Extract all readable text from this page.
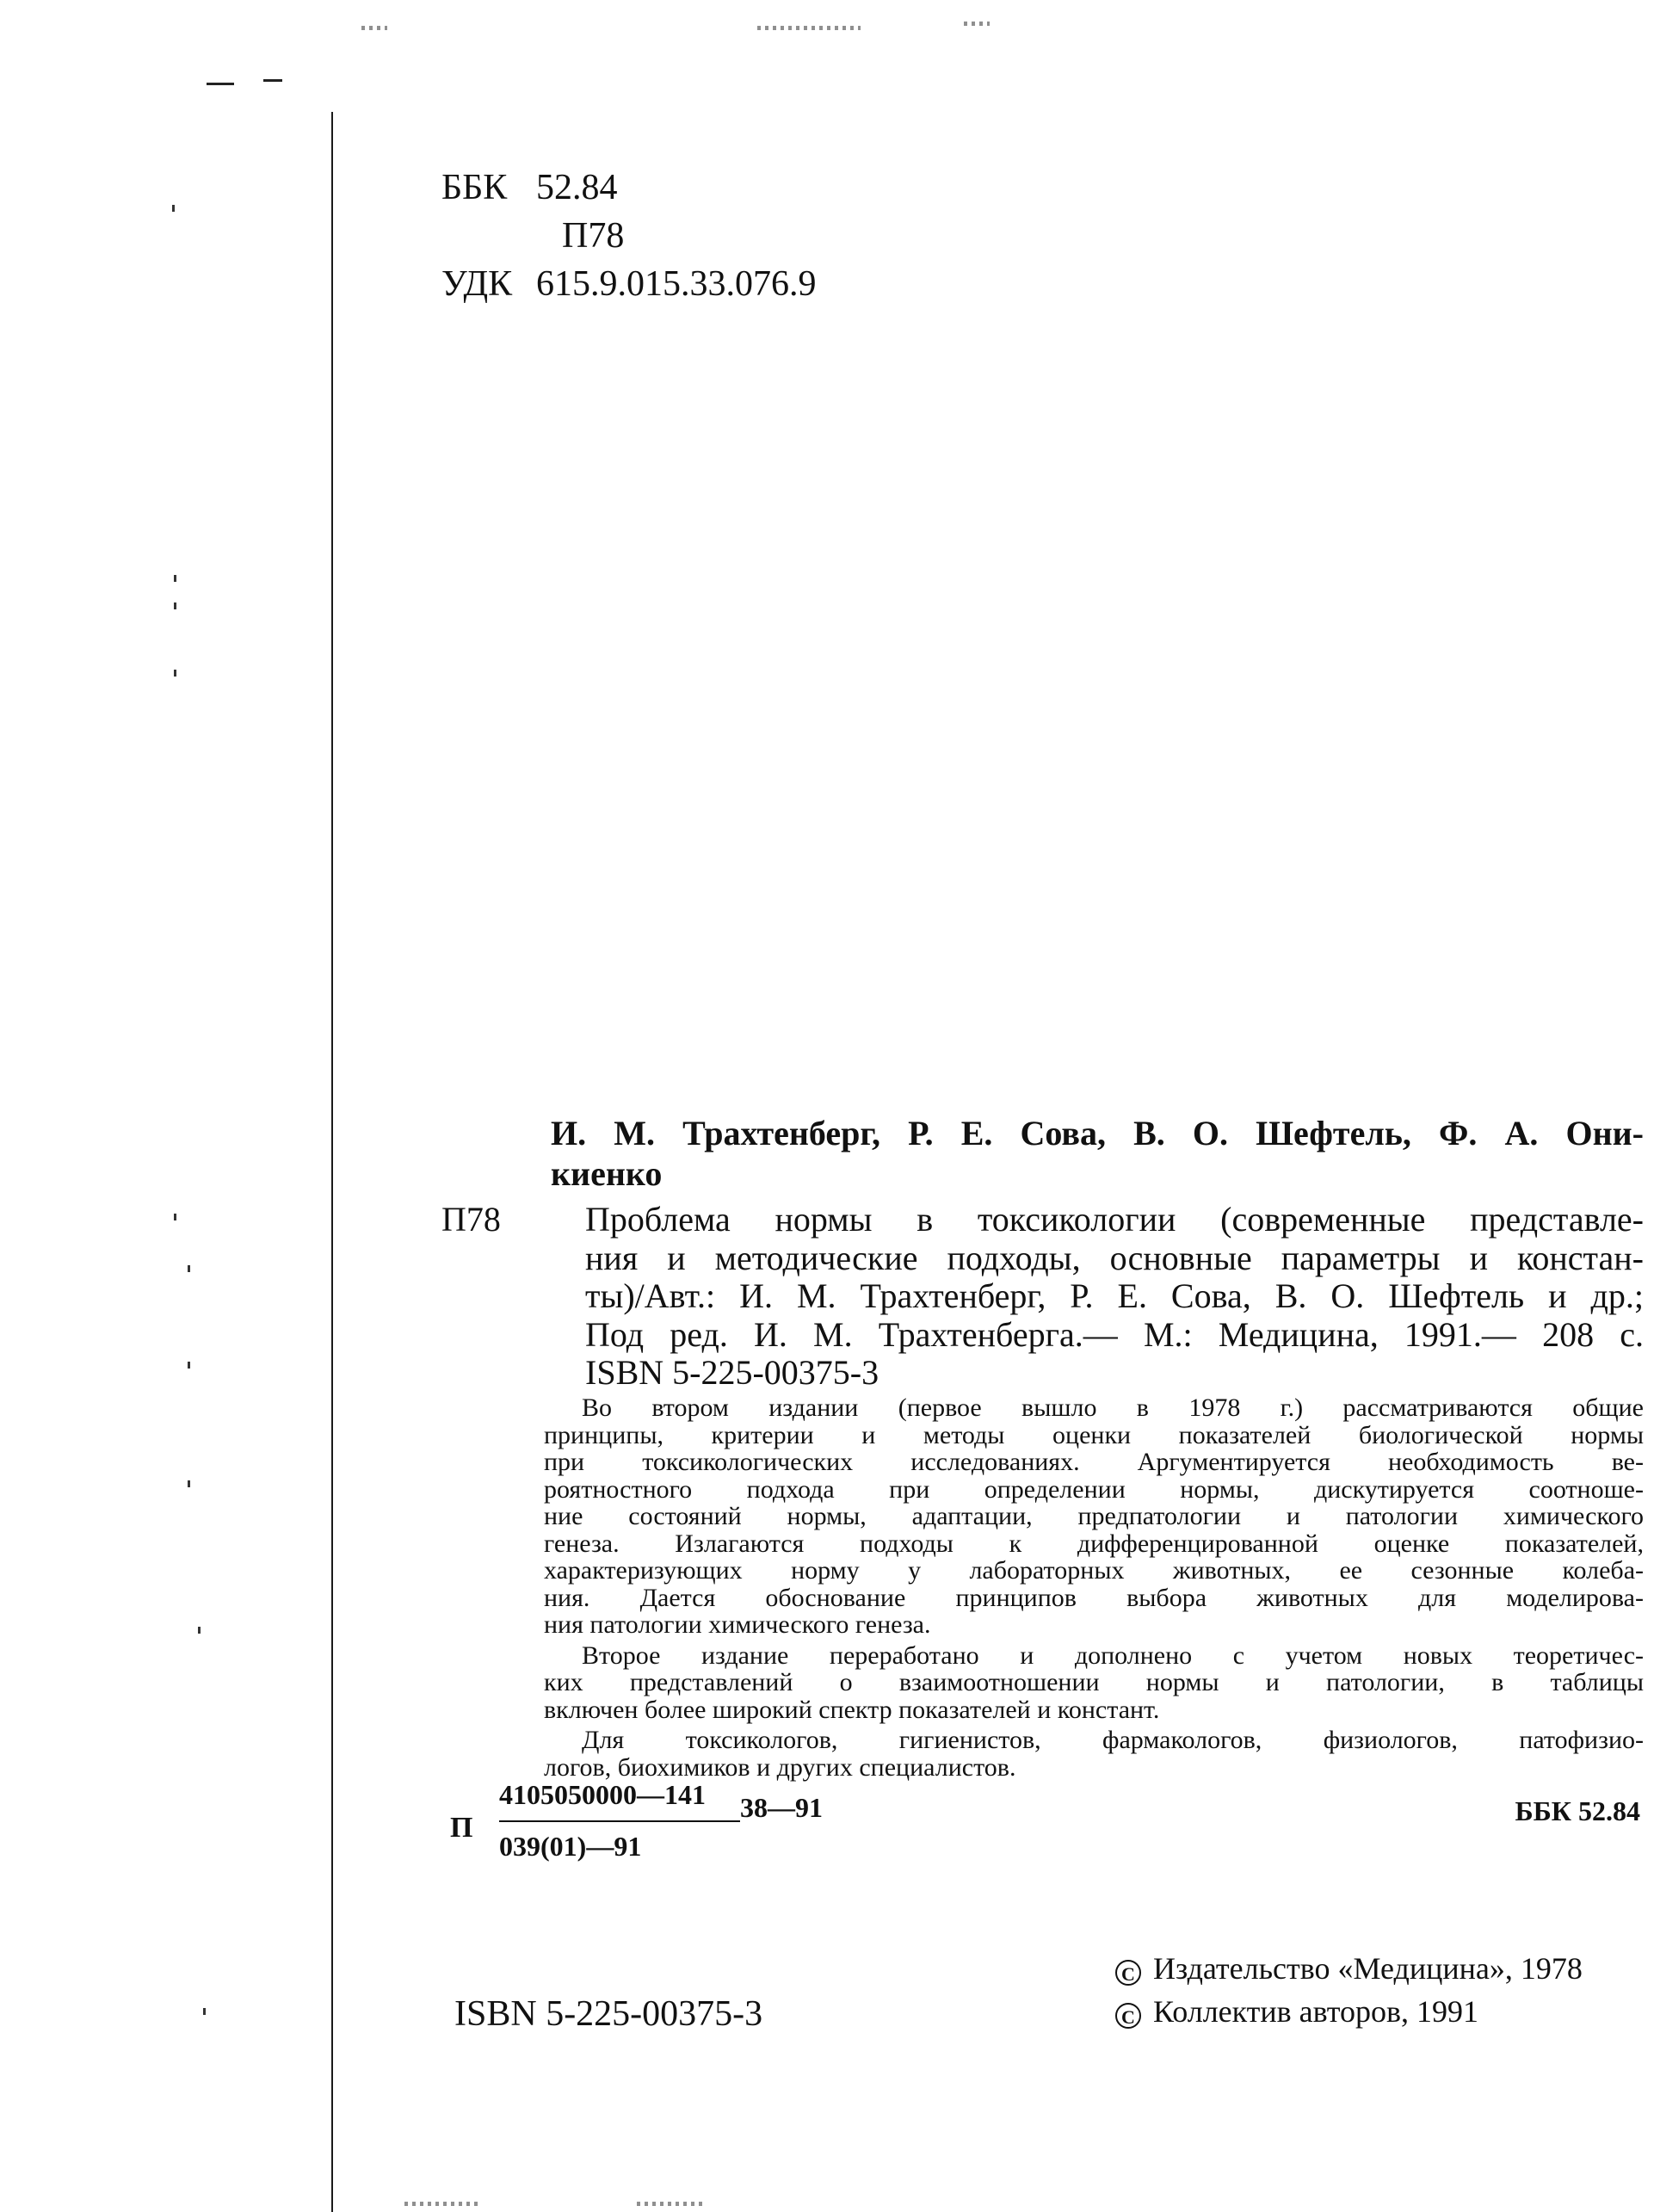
ББК 52.84
П78
УДК 615.9.015.33.076.9
И. М. Трахтенберг, Р. Е. Сова, В. О. Шефтель, Ф. А. Они-
киенко
П78 Проблема нормы в токсикологии (современные представле-
ния и методические подходы, основные параметры и констан-
ты)/Авт.: И. М. Трахтенберг, Р. Е. Сова, В. О. Шефтель и др.;
Под ред. И. М. Трахтенберга.— М.: Медицина, 1991.— 208 с.
ISBN 5-225-00375-3
Во втором издании (первое вышло в 1978 г.) рассматриваются общие
принципы, критерии и методы оценки показателей биологической нормы
при токсикологических исследованиях. Аргументируется необходимость ве-
роятностного подхода при определении нормы, дискутируется соотноше-
ние состояний нормы, адаптации, предпатологии и патологии химического
генеза. Излагаются подходы к дифференцированной оценке показателей,
характеризующих норму у лабораторных животных, ее сезонные колеба-
ния. Дается обоснование принципов выбора животных для моделирова-
ния патологии химического генеза.
Второе издание переработано и дополнено с учетом новых теоретичес-
ких представлений о взаимоотношении нормы и патологии, в таблицы
включен более широкий спектр показателей и констант.
Для токсикологов, гигиенистов, фармакологов, физиологов, патофизио-
логов, биохимиков и других специалистов.
П
4105050000—141
039(01)—91
38—91	ББК 52.84
ISBN 5-225-00375-3
C Издательство «Медицина», 1978
C Коллектив авторов, 1991
